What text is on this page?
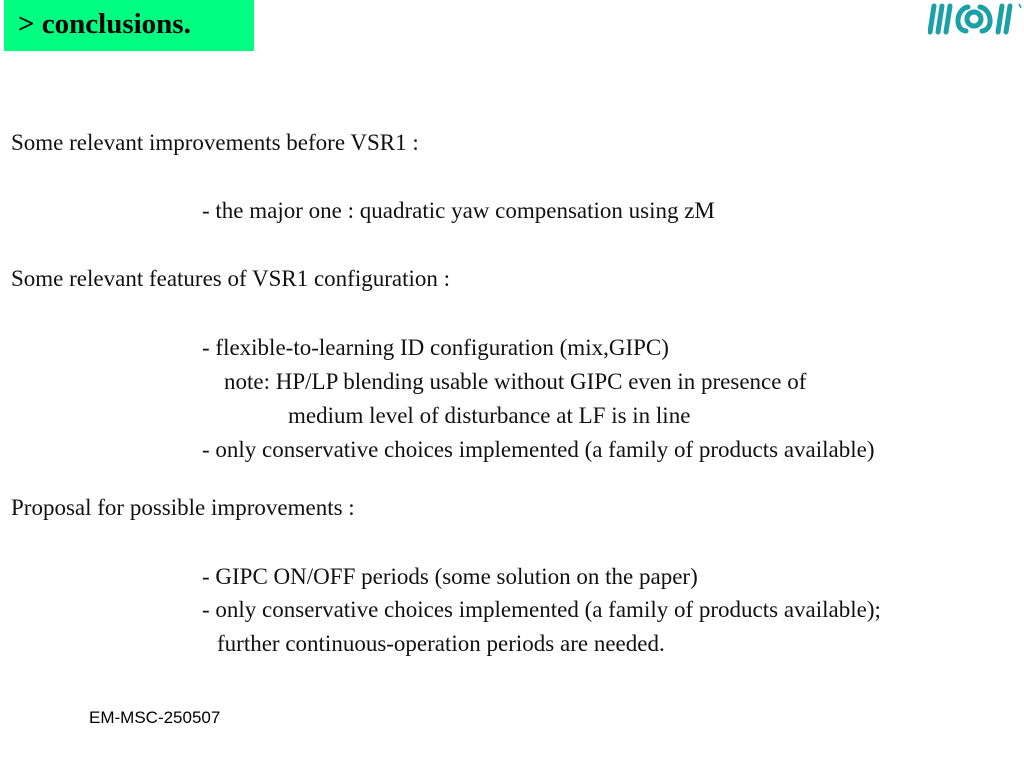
> conclusions.
Some relevant improvements before VSR1 :
- the major one : quadratic yaw compensation using zM
Some relevant features of VSR1 configuration :
- flexible-to-learning ID configuration (mix,GIPC)
note: HP/LP blending usable without GIPC even in presence of
medium level of disturbance at LF is in line
- only conservative choices implemented (a family of products available)
Proposal for possible improvements :
- GIPC ON/OFF periods (some solution on the paper)
- only conservative choices implemented (a family of products available);
further continuous-operation periods are needed.
EM-MSC-250507
